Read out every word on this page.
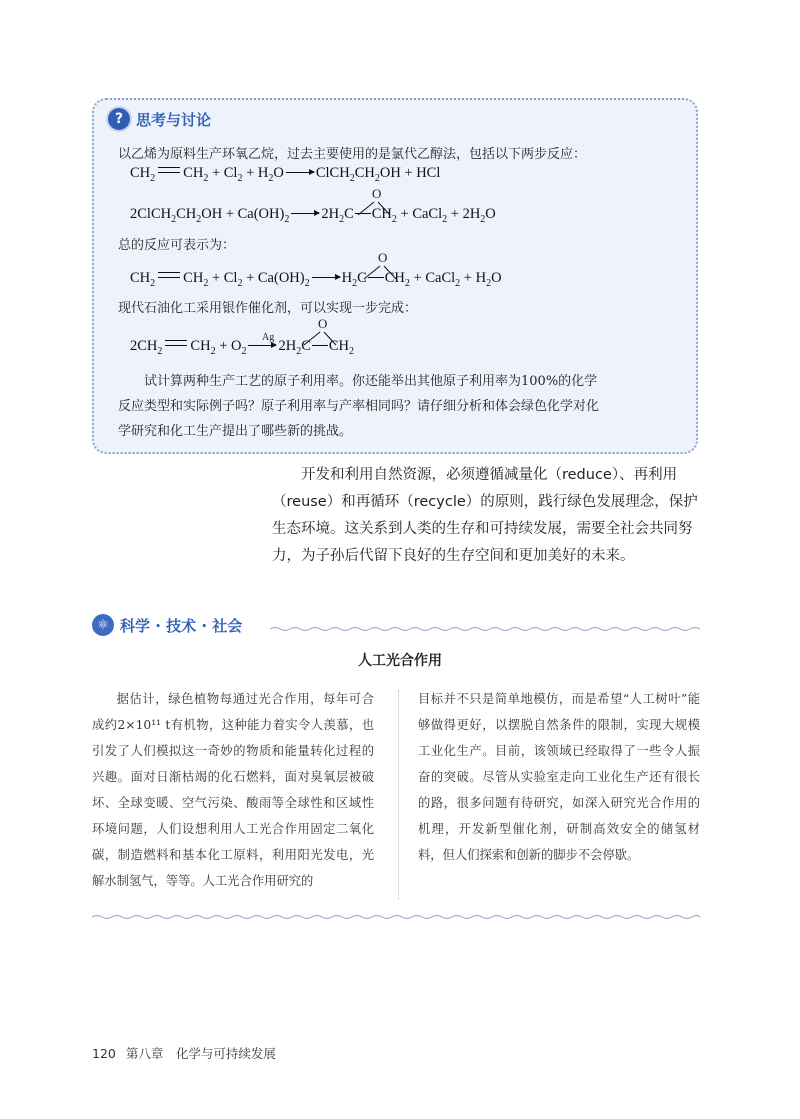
? 思考与讨论
以乙烯为原料生产环氧乙烷，过去主要使用的是氯代乙醇法，包括以下两步反应：
$CH_2$ $CH_2 + Cl_2 + H_2O$ $ClCH_2CH_2OH$ + HCl
O
$2ClCH_2CH_2OH + Ca(OH)_2$ $2H_2C$ $CH_2$ + CaCl$_2$ + $2H_2O$
总的反应可表示为：
O
$CH_2$ $CH_2 + Cl_2 + Ca(OH)_2$ $H_2C$ $CH_2$ + CaCl$_2$ + $H_2O$
现代石油化工采用银作催化剂，可以实现一步完成：
O
Ag
$2CH_2$ $CH_2 + O_2$ $2H_2C$ $CH_2$
试计算两种生产工艺的原子利用率。你还能举出其他原子利用率为100%的化学
反应类型和实际例子吗？原子利用率与产率相同吗？请仔细分析和体会绿色化学对化
学研究和化工生产提出了哪些新的挑战。
开发和利用自然资源，必须遵循减量化（reduce）、再利用（reuse）和再循环（recycle）的原则，践行绿色发展理念，保护生态环境。这关系到人类的生存和可持续发展，需要全社会共同努力，为子孙后代留下良好的生存空间和更加美好的未来。
⚛ 科学 · 技术 · 社会
人工光合作用
据估计，绿色植物每通过光合作用，每年可合成约2×10¹¹ t有机物，这种能力着实令人羡慕，也引发了人们模拟这一奇妙的物质和能量转化过程的兴趣。面对日渐枯竭的化石燃料，面对臭氧层被破坏、全球变暖、空气污染、酸雨等全球性和区域性环境问题，人们设想利用人工光合作用固定二氧化碳，制造燃料和基本化工原料，利用阳光发电，光解水制氢气，等等。人工光合作用研究的
目标并不只是简单地模仿，而是希望“人工树叶”能够做得更好，以摆脱自然条件的限制，实现大规模工业化生产。目前，该领域已经取得了一些令人振奋的突破。尽管从实验室走向工业化生产还有很长的路，很多问题有待研究，如深入研究光合作用的机理，开发新型催化剂，研制高效安全的储氢材料，但人们探索和创新的脚步不会停歇。
120 第八章　化学与可持续发展
